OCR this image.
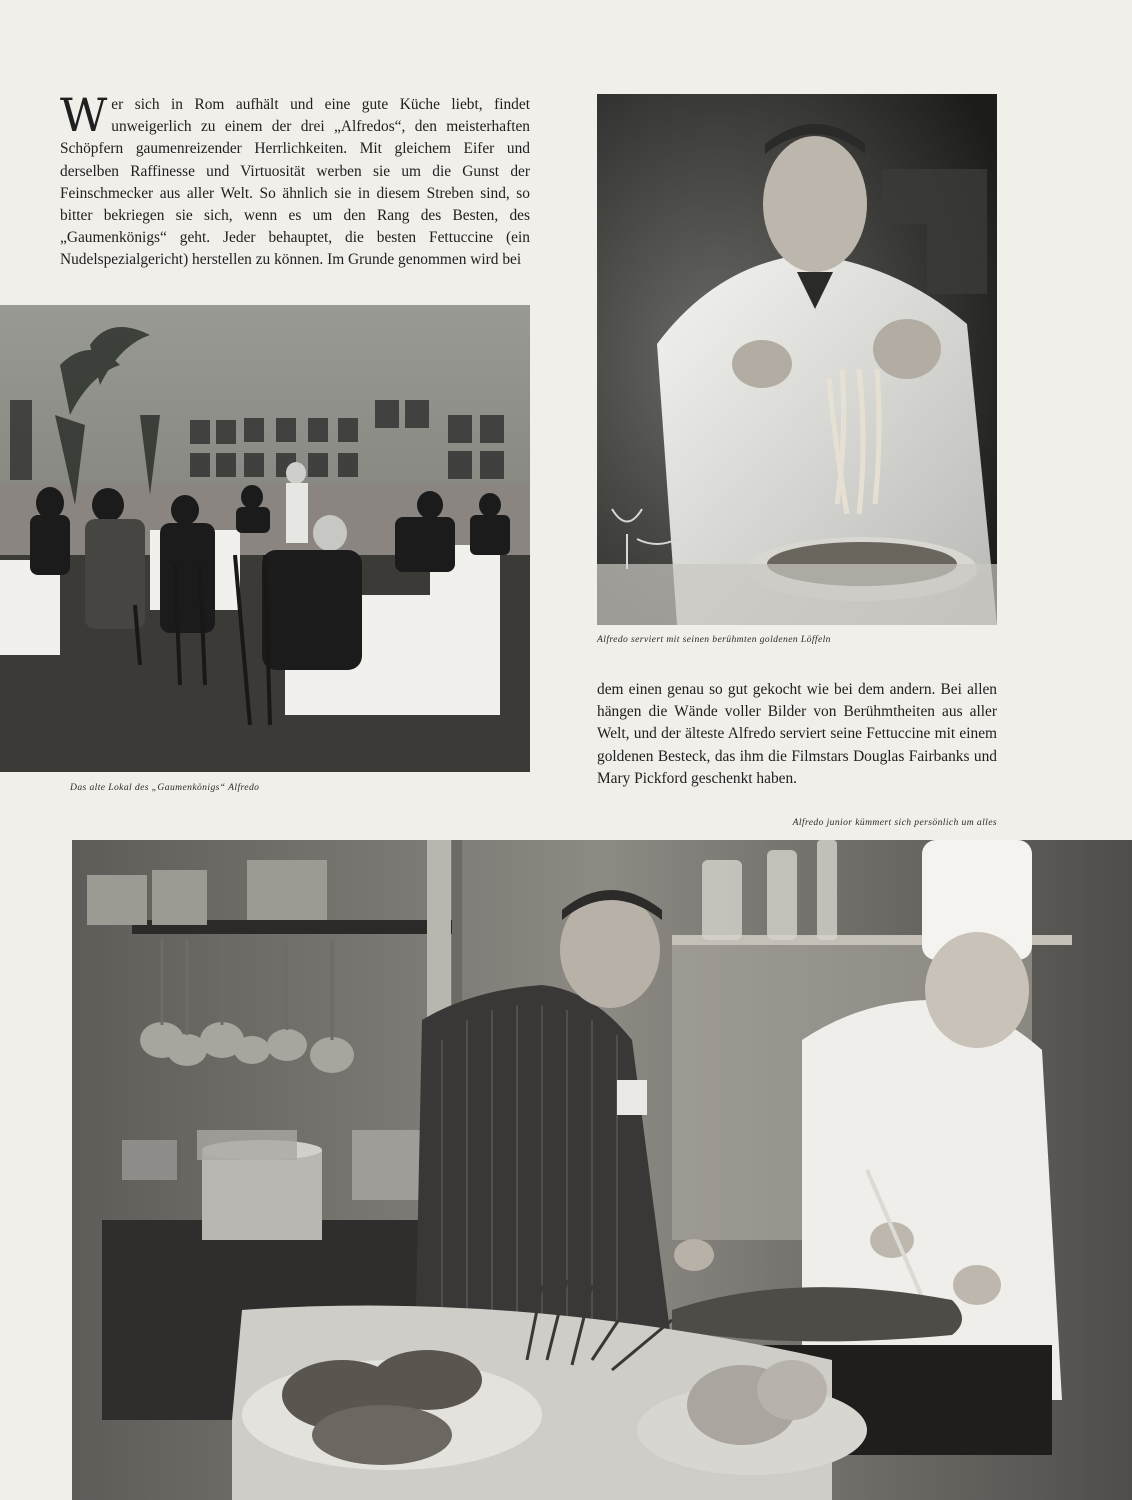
Wer sich in Rom aufhält und eine gute Küche liebt, findet unweigerlich zu einem der drei „Alfredos“, den meisterhaften Schöpfern gaumenreizender Herrlichkeiten. Mit gleichem Eifer und derselben Raffinesse und Virtuosität werben sie um die Gunst der Feinschmecker aus aller Welt. So ähnlich sie in diesem Streben sind, so bitter bekriegen sie sich, wenn es um den Rang des Besten, des „Gaumenkönigs“ geht. Jeder behauptet, die besten Fettuccine (ein Nudelspezialgericht) herstellen zu können. Im Grunde genommen wird bei

Das alte Lokal des „Gaumenkönigs“ Alfredo

Alfredo serviert mit seinen berühmten goldenen Löffeln

dem einen genau so gut gekocht wie bei dem andern. Bei allen hängen die Wände voller Bilder von Berühmtheiten aus aller Welt, und der älteste Alfredo serviert seine Fettuccine mit einem goldenen Besteck, das ihm die Filmstars Douglas Fairbanks und Mary Pickford geschenkt haben.

Alfredo junior kümmert sich persönlich um alles
